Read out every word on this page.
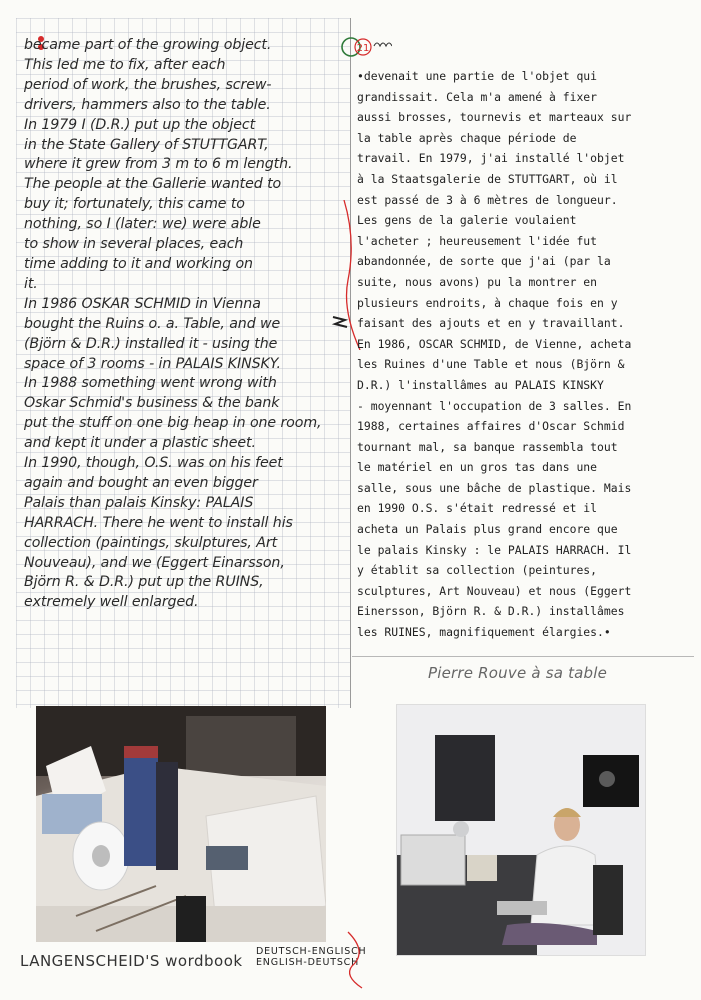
became part of the growing object.
This led me to fix, after each
period of work, the brushes, screw-
drivers, hammers also to the table.
In 1979 I (D.R.) put up the object
in the State Gallery of STUTTGART,
where it grew from 3 m to 6 m length.
The people at the Gallerie wanted to
buy it; fortunately, this came to
nothing, so I (later: we) were able
to show in several places, each
time adding to it and working on
it.
In 1986 OSKAR SCHMID in Vienna
bought the Ruins o. a. Table, and we
(Björn & D.R.) installed it - using the
space of 3 rooms - in PALAIS KINSKY.
In 1988 something went wrong with
Oskar Schmid's business & the bank
put the stuff on one big heap in one room,
and kept it under a plastic sheet.
In 1990, though, O.S. was on his feet
again and bought an even bigger
Palais than palais Kinsky: PALAIS
HARRACH. There he went to install his
collection (paintings, skulptures, Art
Nouveau), and we (Eggert Einarsson,
Björn R. & D.R.) put up the RUINS,
extremely well enlarged.
21
•devenait une partie de l'objet qui
grandissait. Cela m'a amené à fixer
aussi brosses, tournevis et marteaux sur
la table après chaque période de
travail. En 1979, j'ai installé l'objet
à la Staatsgalerie de STUTTGART, où il
est passé de 3 à 6 mètres de longueur.
Les gens de la galerie voulaient
l'acheter ; heureusement l'idée fut
abandonnée, de sorte que j'ai (par la
suite, nous avons) pu la montrer en
plusieurs endroits, à chaque fois en y
faisant des ajouts et en y travaillant.
En 1986, OSCAR SCHMID, de Vienne, acheta
les Ruines d'une Table et nous (Björn &
D.R.) l'installâmes au PALAIS KINSKY
- moyennant l'occupation de 3 salles. En
1988, certaines affaires d'Oscar Schmid
tournant mal, sa banque rassembla tout
le matériel en un gros tas dans une
salle, sous une bâche de plastique. Mais
en 1990 O.S. s'était redressé et il
acheta un Palais plus grand encore que
le palais Kinsky : le PALAIS HARRACH. Il
y établit sa collection (peintures,
sculptures, Art Nouveau) et nous (Eggert
Einersson, Björn R. & D.R.) installâmes
les RUINES, magnifiquement élargies.•
Pierre Rouve à sa table
LANGENSCHEID'S wordbook
DEUTSCH-ENGLISCH
ENGLISH-DEUTSCH
